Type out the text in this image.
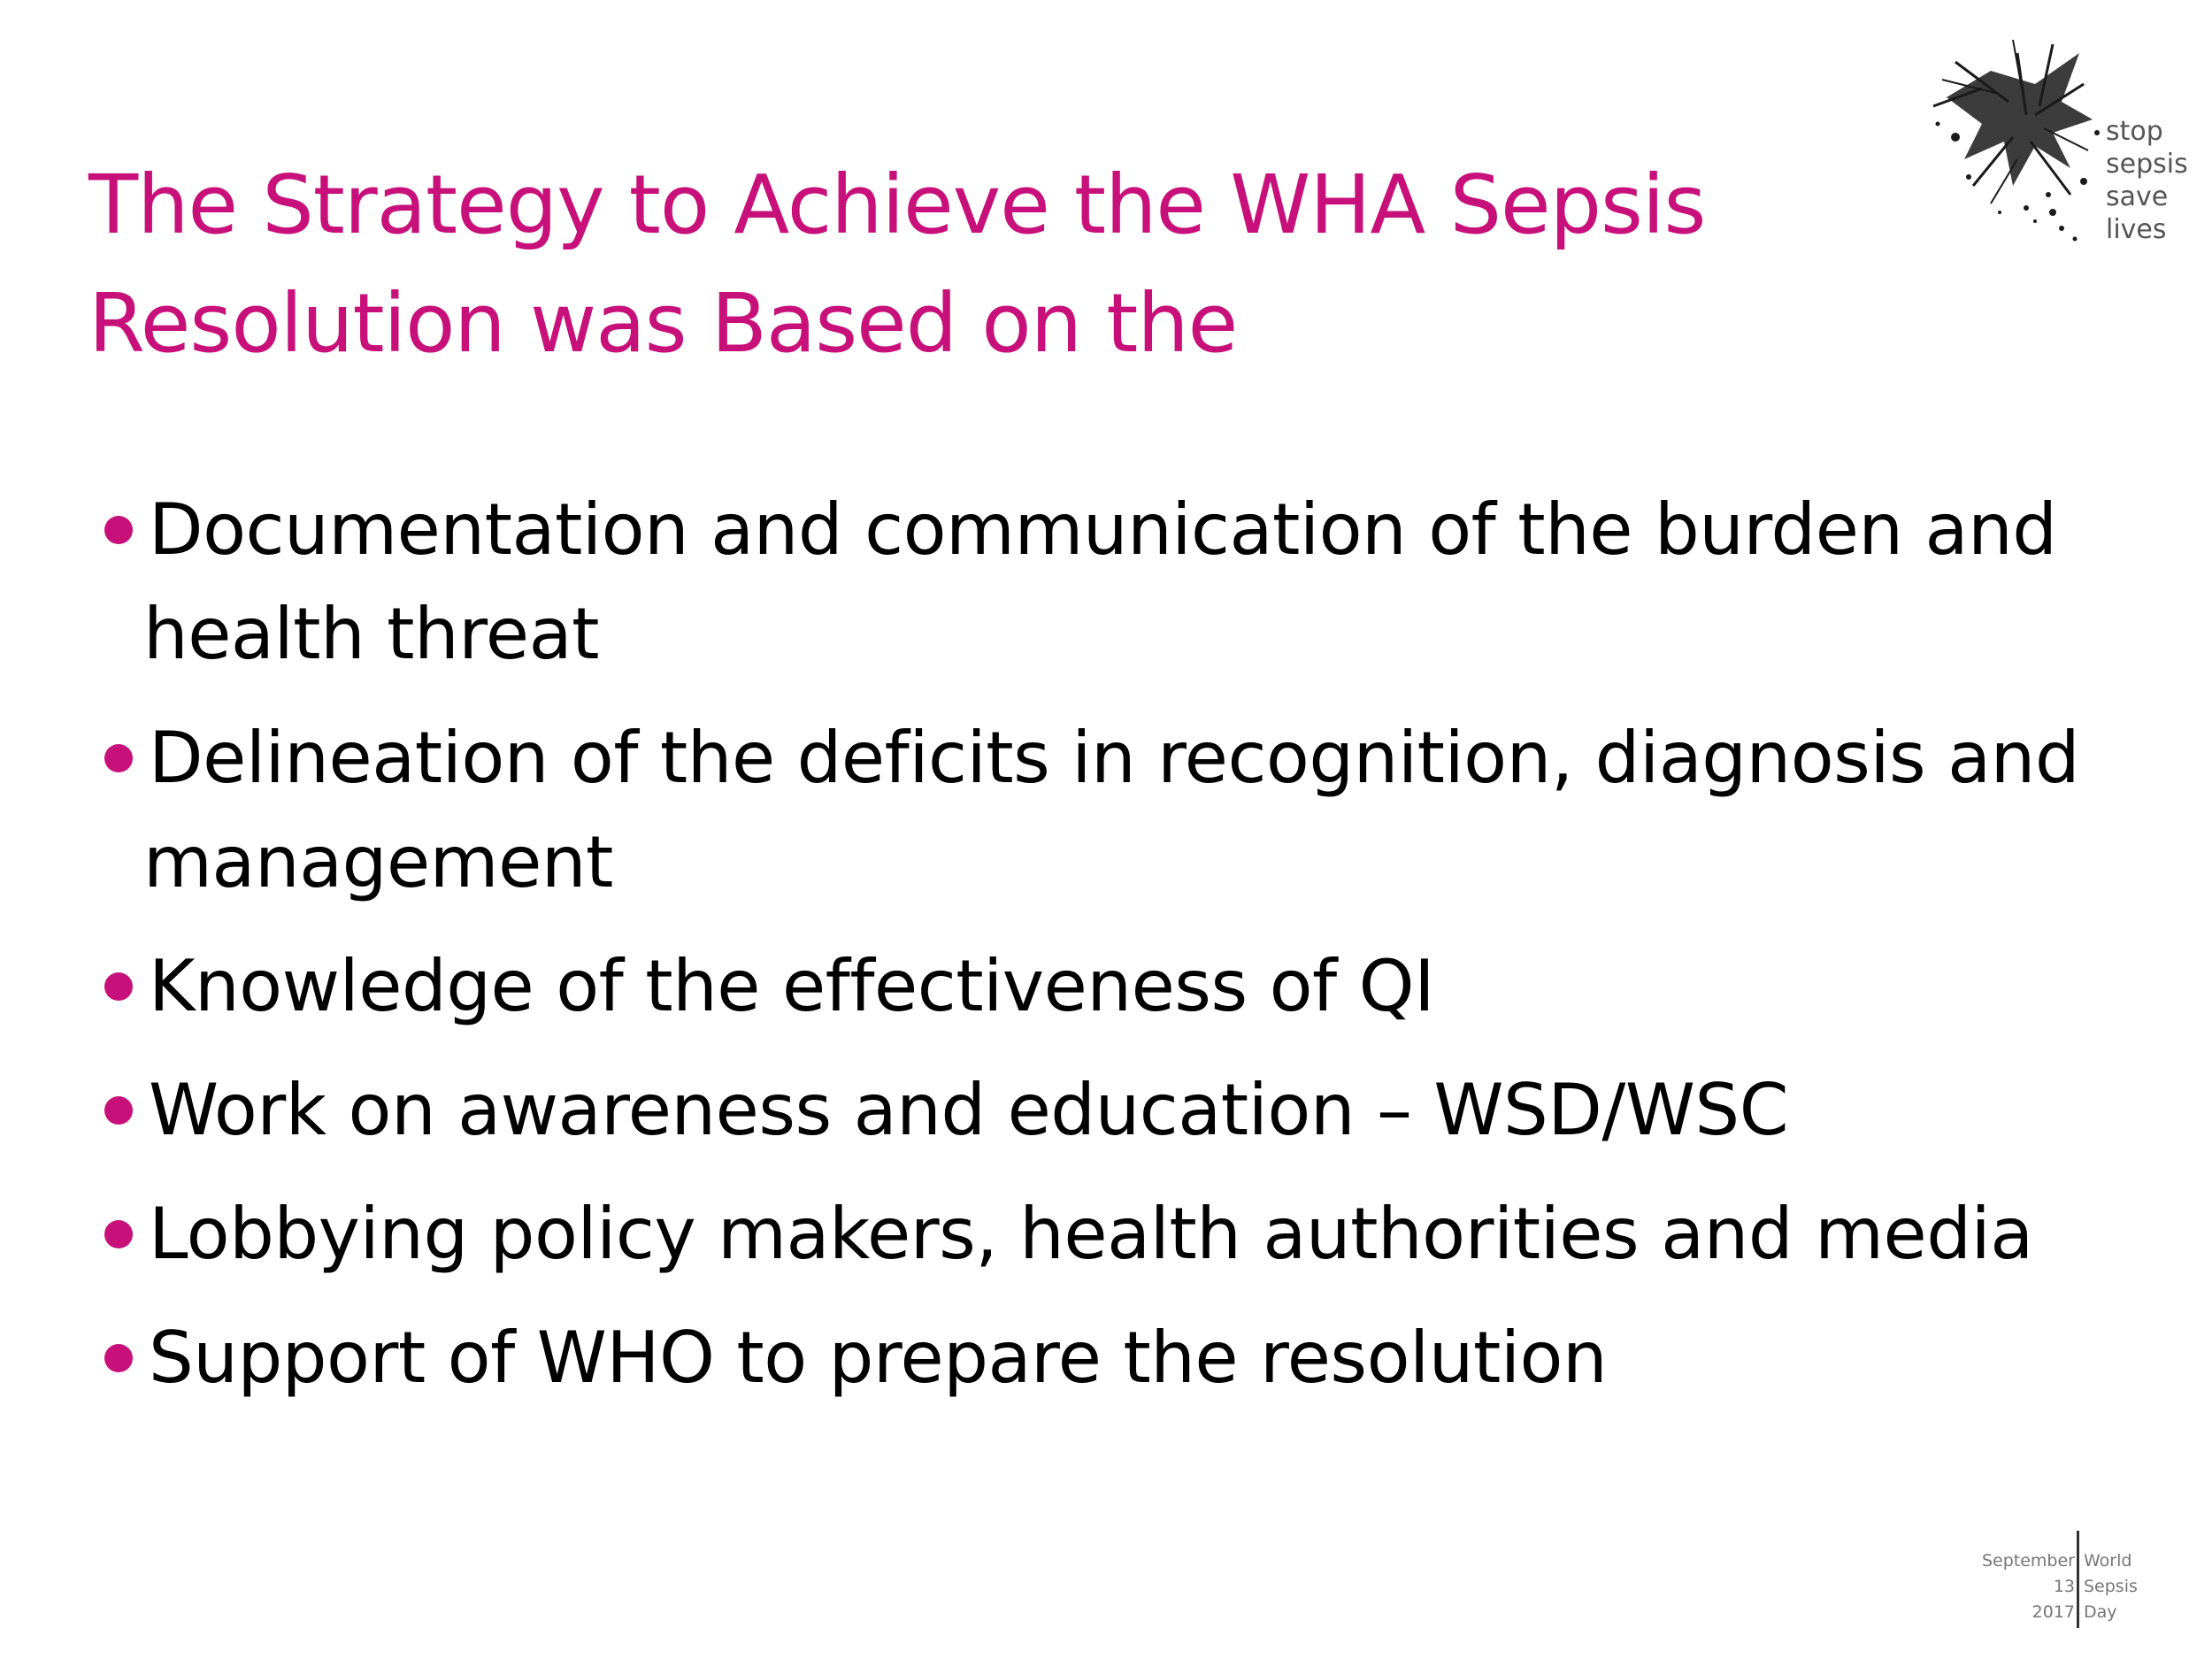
The Strategy to Achieve the WHA Sepsis
Resolution was Based on the
Documentation and communication of the burden and
health threat
Delineation of the deficits in recognition, diagnosis and
management
Knowledge of the effectiveness of QI
Work on awareness and education – WSD/WSC
Lobbying policy makers, health authorities and media
Support of WHO to prepare the resolution
stop
sepsis
save
lives
September
13
2017
World
Sepsis
Day
